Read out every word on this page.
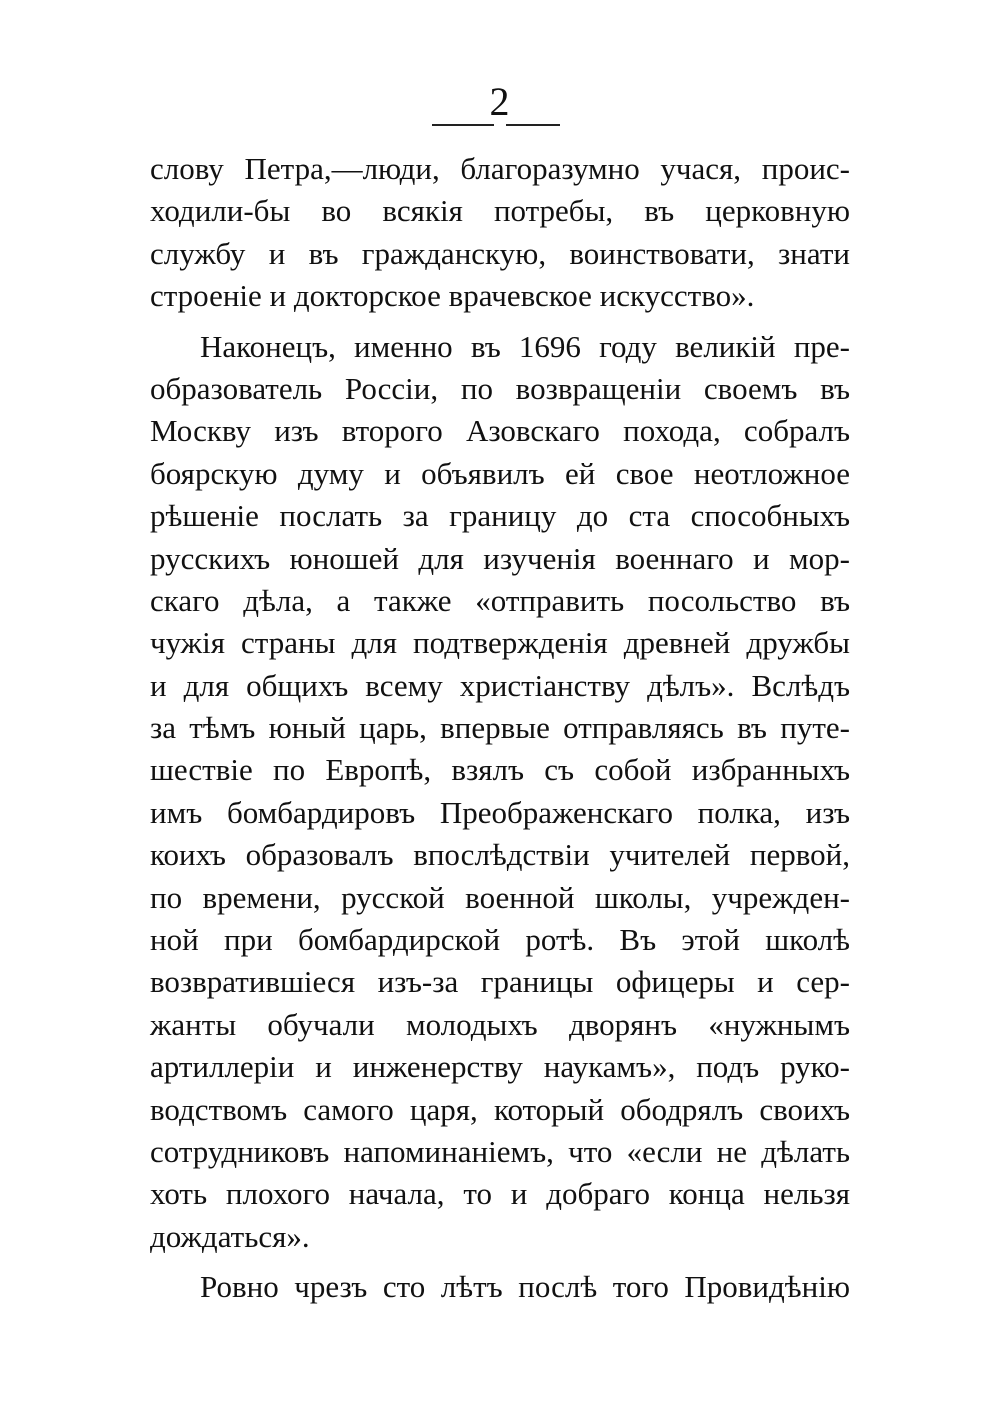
2
слову Петра,—люди, благоразумно учася, проис-
ходили-бы во всякія потребы, въ церковную
службу и въ гражданскую, воинствовати, знати
строеніе и докторское врачевское искусство».
Наконецъ, именно въ 1696 году великій пре-
образователь Россіи, по возвращеніи своемъ въ
Москву изъ второго Азовскаго похода, собралъ
боярскую думу и объявилъ ей свое неотложное
рѣшеніе послать за границу до ста способныхъ
русскихъ юношей для изученія военнаго и мор-
скаго дѣла, а также «отправить посольство въ
чужія страны для подтвержденія древней дружбы
и для общихъ всему христіанству дѣлъ». Вслѣдъ
за тѣмъ юный царь, впервые отправляясь въ путе-
шествіе по Европѣ, взялъ съ собой избранныхъ
имъ бомбардировъ Преображенскаго полка, изъ
коихъ образовалъ впослѣдствіи учителей первой,
по времени, русской военной школы, учрежден-
ной при бомбардирской ротѣ. Въ этой школѣ
возвратившіеся изъ-за границы офицеры и сер-
жанты обучали молодыхъ дворянъ «нужнымъ
артиллеріи и инженерству наукамъ», подъ руко-
водствомъ самого царя, который ободрялъ своихъ
сотрудниковъ напоминаніемъ, что «если не дѣлать
хоть плохого начала, то и добраго конца нельзя
дождаться».
Ровно чрезъ сто лѣтъ послѣ того Провидѣнію
